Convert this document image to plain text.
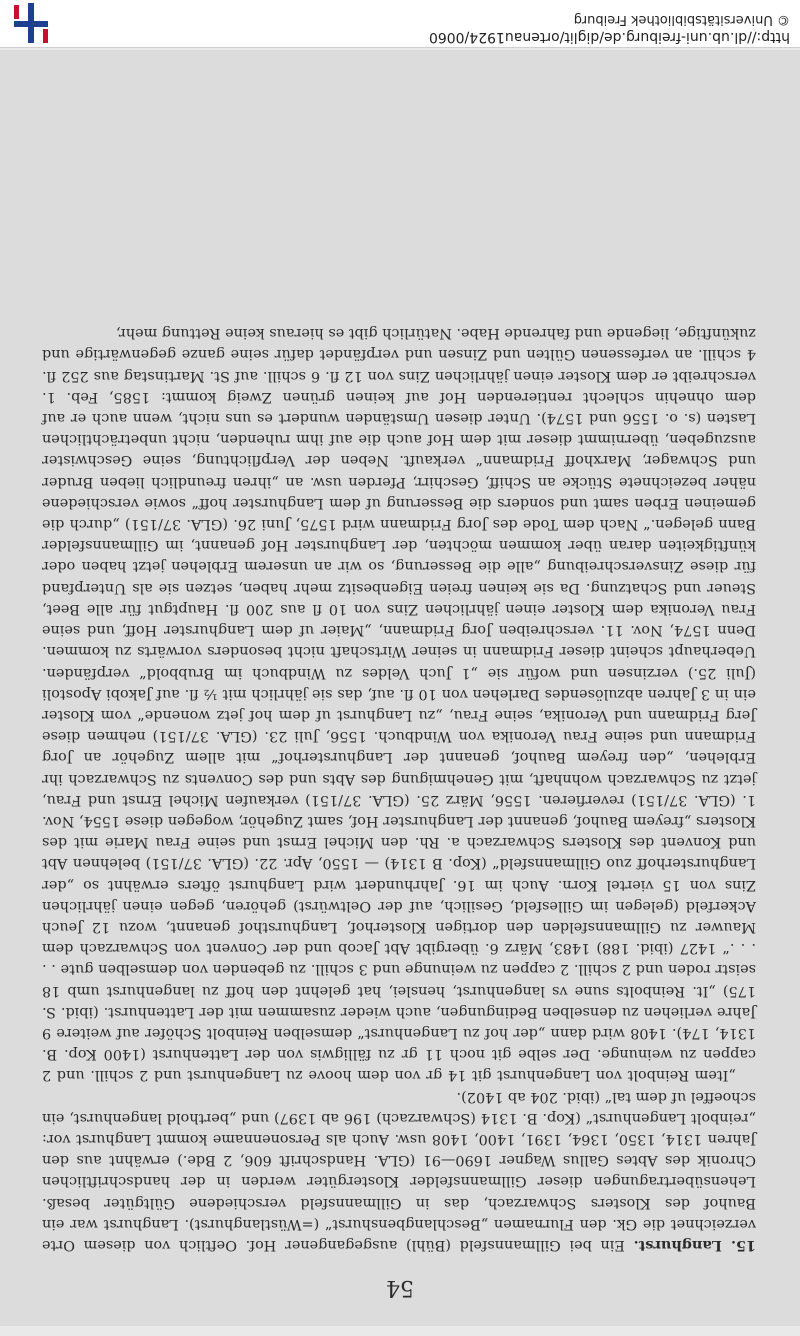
54

15. Langhurst. Ein bei Gillmannsfeld (Bühl) ausgegangener Hof. Oeftlich von diesem Orte verzeichnet die Gk. den Flurnamen „Beschlangbenshurst“ (=Wüstlanghurst). Langhurst war ein Bauhof des Klosters Schwarzach, das in Gillmannsfeld verschiedene Gültgüter besaß. Lehensübertragungen dieser Gillmannsfelder Klostergüter werden in der handschriftlichen Chronik des Abtes Gallus Wagner 1690—91 (GLA. Handschrift 606, 2 Bde.) erwähnt aus den Jahren 1314, 1350, 1364, 1391, 1400, 1408 usw. Auch als Personenname kommt Langhurst vor: „reinbolt Langenhurst“ (Kop. B. 1314 (Schwarzach) 196 ab 1397) und „berthold langenhurst, ein schoeffel uf dem tal“ (ibid. 204 ab 1402).

„Item Reinbolt von Langenhurst git 14 gr von dem hoove zu Langenhurst und 2 schill. und 2 cappen zu weinunge. Der selbe git noch 11 gr zu fälligwis von der Lattenhurst (1400 Kop. B. 1314, 174). 1408 wird dann „der hof zu Langenhurst“ demselben Reinbolt Schöfer auf weitere 9 Jahre verliehen zu denselben Bedingungen, auch wieder zusammen mit der Lattenhurst. (ibid. S. 175) „It. Reinbolts sune vs langenhurst, henslei, hat gelehnt den hoff zu langenhurst umb 18 seistr roden und 2 schill. 2 cappen zu weinunge und 3 schill. zu gebenden von demselben gute . . . . .“ 1427 (ibid. 188) 1483, März 6. übergibt Abt Jacob und der Convent von Schwarzach dem Mauwer zu Gillmannsfelden den dortigen Klosterhof, Langhursthof genannt, wozu 12 Jeuch Ackerfeld (gelegen im Gillesfeld, Gesilich, auf der Oeltwürst) gehören, gegen einen jährlichen Zins von 15 viertel Korn. Auch im 16. Jahrhundert wird Langhurst öfters erwähnt so „der Langhursterhoff zuo Gillmannsfeld“ (Kop. B 1314) — 1550, Apr. 22. (GLA. 37/151) belehnen Abt und Konvent des Klosters Schwarzach a. Rh. den Michel Ernst und seine Frau Marie mit des Klosters „freyem Bauhof, genannt der Langhurster Hof, samt Zugehör, wogegen diese 1554, Nov. 1. (GLA. 37/151) reverfieren. 1556, März 25. (GLA. 37/151) verkaufen Michel Ernst und Frau, jetzt zu Schwarzach wohnhaft, mit Genehmigung des Abts und des Convents zu Schwarzach ihr Erblehen, „den freyem Bauhof, genannt der Langhursterhof“ mit allem Zugehör an Jorg Fridmann und seine Frau Veronika von Windbuch. 1556, Juli 23. (GLA. 37/151) nehmen diese Jerg Fridmann und Veronika, seine Frau, „zu Langhurst uf dem hof jetz wonende“ vom Kloster ein in 3 Jahren abzulösendes Darlehen von 10 fl. auf, das sie jährlich mit ½ fl. auf Jakobi Apostoli (Juli 25.) verzinsen und wofür sie „1 Juch Veldes zu Windbuch im Brubbold“ verpfänden. Ueberhaupt scheint dieser Fridmann in seiner Wirtschaft nicht besonders vorwärts zu kommen. Denn 1574, Nov. 11. verschreiben Jorg Fridmann, „Maier uf dem Langhurster Hoff, und seine Frau Veronika dem Kloster einen jährlichen Zins von 10 fl aus 200 fl. Hauptgut für alle Beet, Steuer und Schatzung. Da sie keinen freien Eigenbesitz mehr haben, setzen sie als Unterpfand für diese Zinsverschreibung „alle die Besserung, so wir an unserem Erblehen jetzt haben oder künftigkeiten daran über kommen möchten, der Langhurster Hof genannt, im Gillmannsfelder Bann gelegen.“ Nach dem Tode des Jorg Fridmann wird 1575, Juni 26. (GLA. 37/151) „durch die gemeinen Erben samt und sonders die Besserung uf dem Langhurster hoff“ sowie verschiedene näher bezeichnete Stücke an Schiff, Geschirr, Pferden usw. an „ihren freundlich lieben Bruder und Schwager, Marxhoff Fridmann“ verkauft. Neben der Verpflichtung, seine Geschwister auszugeben, übernimmt dieser mit dem Hof auch die auf ihm ruhenden, nicht unbeträchtlichen Lasten (s. o. 1556 und 1574). Unter diesen Umständen wundert es uns nicht, wenn auch er auf dem ohnehin schlecht rentierenden Hof auf keinen grünen Zweig kommt: 1585, Feb. 1. verschreibt er dem Kloster einen jährlichen Zins von 12 fl. 6 schill. auf St. Martinstag aus 252 fl. 4 schill. an verfessenen Gülten und Zinsen und verpfändet dafür seine ganze gegenwärtige und zukünftige, liegende und fahrende Habe. Natürlich gibt es hieraus keine Rettung mehr,

© Universitätsbibliothek Freiburg
http://dl.ub.uni-freiburg.de/diglit/ortenau1924/0060
